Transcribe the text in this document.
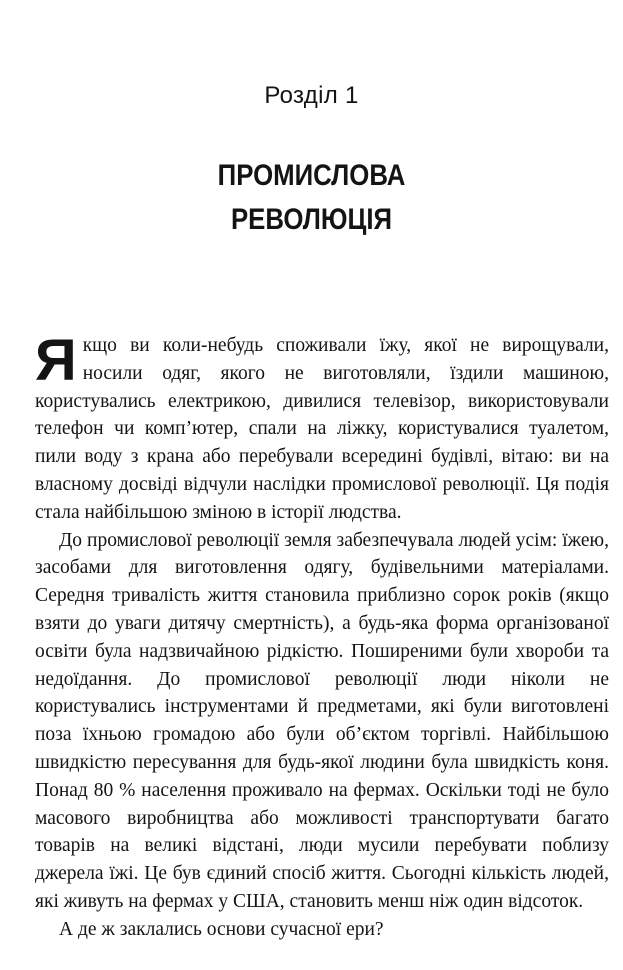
Розділ 1
ПРОМИСЛОВА
РЕВОЛЮЦІЯ

Якщо ви коли-небудь споживали їжу, якої не вирощували, носили одяг, якого не виготовляли, їздили машиною, користувались електрикою, дивилися телевізор, використовували телефон чи комп’ютер, спали на ліжку, користувалися туалетом, пили воду з крана або перебували всередині будівлі, вітаю: ви на власному досвіді відчули наслідки промислової революції. Ця подія стала найбільшою зміною в історії людства.

До промислової революції земля забезпечувала людей усім: їжею, засобами для виготовлення одягу, будівельними матеріалами. Середня тривалість життя становила приблизно сорок років (якщо взяти до уваги дитячу смертність), а будь-яка форма організованої освіти була надзвичайною рідкістю. Поширеними були хвороби та недоїдання. До промислової революції люди ніколи не користувались інструментами й предметами, які були виготовлені поза їхньою громадою або були об’єктом торгівлі. Найбільшою швидкістю пересування для будь-якої людини була швидкість коня. Понад 80 % населення проживало на фермах. Оскільки тоді не було масового виробництва або можливості транспортувати багато товарів на великі відстані, люди мусили перебувати поблизу джерела їжі. Це був єдиний спосіб життя. Сьогодні кількість людей, які живуть на фермах у США, становить менш ніж один відсоток.

А де ж заклались основи сучасної ери?
